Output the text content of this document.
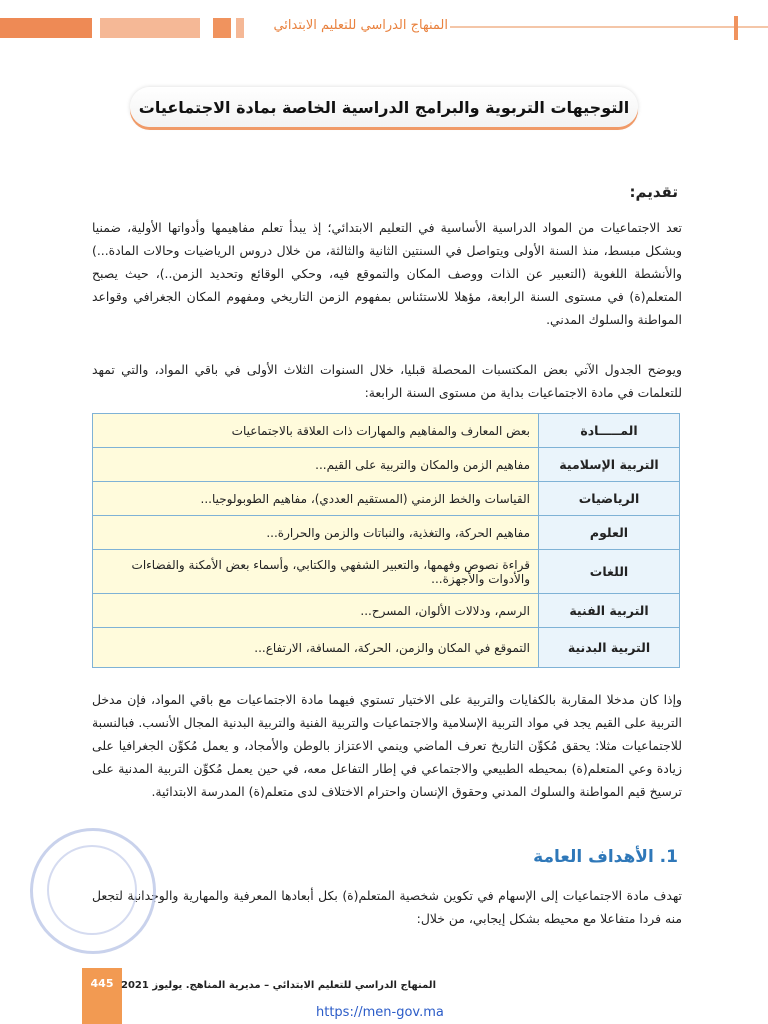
المنهاج الدراسي للتعليم الابتدائي
التوجيهات التربوية والبرامج الدراسية الخاصة بمادة الاجتماعيات
تقديم:

تعد الاجتماعيات من المواد الدراسية الأساسية في التعليم الابتدائي؛ إذ يبدأ تعلم مفاهيمها وأدواتها الأولية، ضمنيا وبشكل مبسط، منذ السنة الأولى ويتواصل في السنتين الثانية والثالثة، من خلال دروس الرياضيات وحالات المادة...) والأنشطة اللغوية (التعبير عن الذات ووصف المكان والتموقع فيه، وحكي الوقائع وتحديد الزمن..)، حيث يصبح المتعلم(ة) في مستوى السنة الرابعة، مؤهلا للاستئناس بمفهوم الزمن التاريخي ومفهوم المكان الجغرافي وقواعد المواطنة والسلوك المدني.

ويوضح الجدول الآتي بعض المكتسبات المحصلة قبليا، خلال السنوات الثلاث الأولى في باقي المواد، والتي تمهد للتعلمات في مادة الاجتماعيات بداية من مستوى السنة الرابعة:

بعض المعارف والمفاهيم والمهارات ذات العلاقة بالاجتماعيات	المـــــادة
مفاهيم الزمن والمكان والتربية على القيم...	التربية الإسلامية
القياسات والخط الزمني (المستقيم العددي)، مفاهيم الطوبولوجيا...	الرياضيات
مفاهيم الحركة، والتغذية، والنباتات والزمن والحرارة...	العلوم
قراءة نصوص وفهمها، والتعبير الشفهي والكتابي، وأسماء بعض الأمكنة والفضاءات والأدوات والأجهزة...	اللغات
الرسم، ودلالات الألوان، المسرح...	التربية الفنية
التموقع في المكان والزمن، الحركة، المسافة، الارتفاع...	التربية البدنية

وإذا كان مدخلا المقاربة بالكفايات والتربية على الاختيار تستوي فيهما مادة الاجتماعيات مع باقي المواد، فإن مدخل التربية على القيم يجد في مواد التربية الإسلامية والاجتماعيات والتربية الفنية والتربية البدنية المجال الأنسب. فبالنسبة للاجتماعيات مثلا: يحقق مُكوِّن التاريخ تعرف الماضي وينمي الاعتزاز بالوطن والأمجاد، و يعمل مُكوِّن الجغرافيا على زيادة وعي المتعلم(ة) بمحيطه الطبيعي والاجتماعي في إطار التفاعل معه، في حين يعمل مُكوِّن التربية المدنية على ترسيخ قيم المواطنة والسلوك المدني وحقوق الإنسان واحترام الاختلاف لدى متعلم(ة) المدرسة الابتدائية.

1. الأهداف العامة

تهدف مادة الاجتماعيات إلى الإسهام في تكوين شخصية المتعلم(ة) بكل أبعادها المعرفية والمهارية والوجدانية لتجعل منه فردا متفاعلا مع محيطه بشكل إيجابي، من خلال:

445 المنهاج الدراسي للتعليم الابتدائي – مديرية المناهج. يوليوز 2021
https://men-gov.ma
